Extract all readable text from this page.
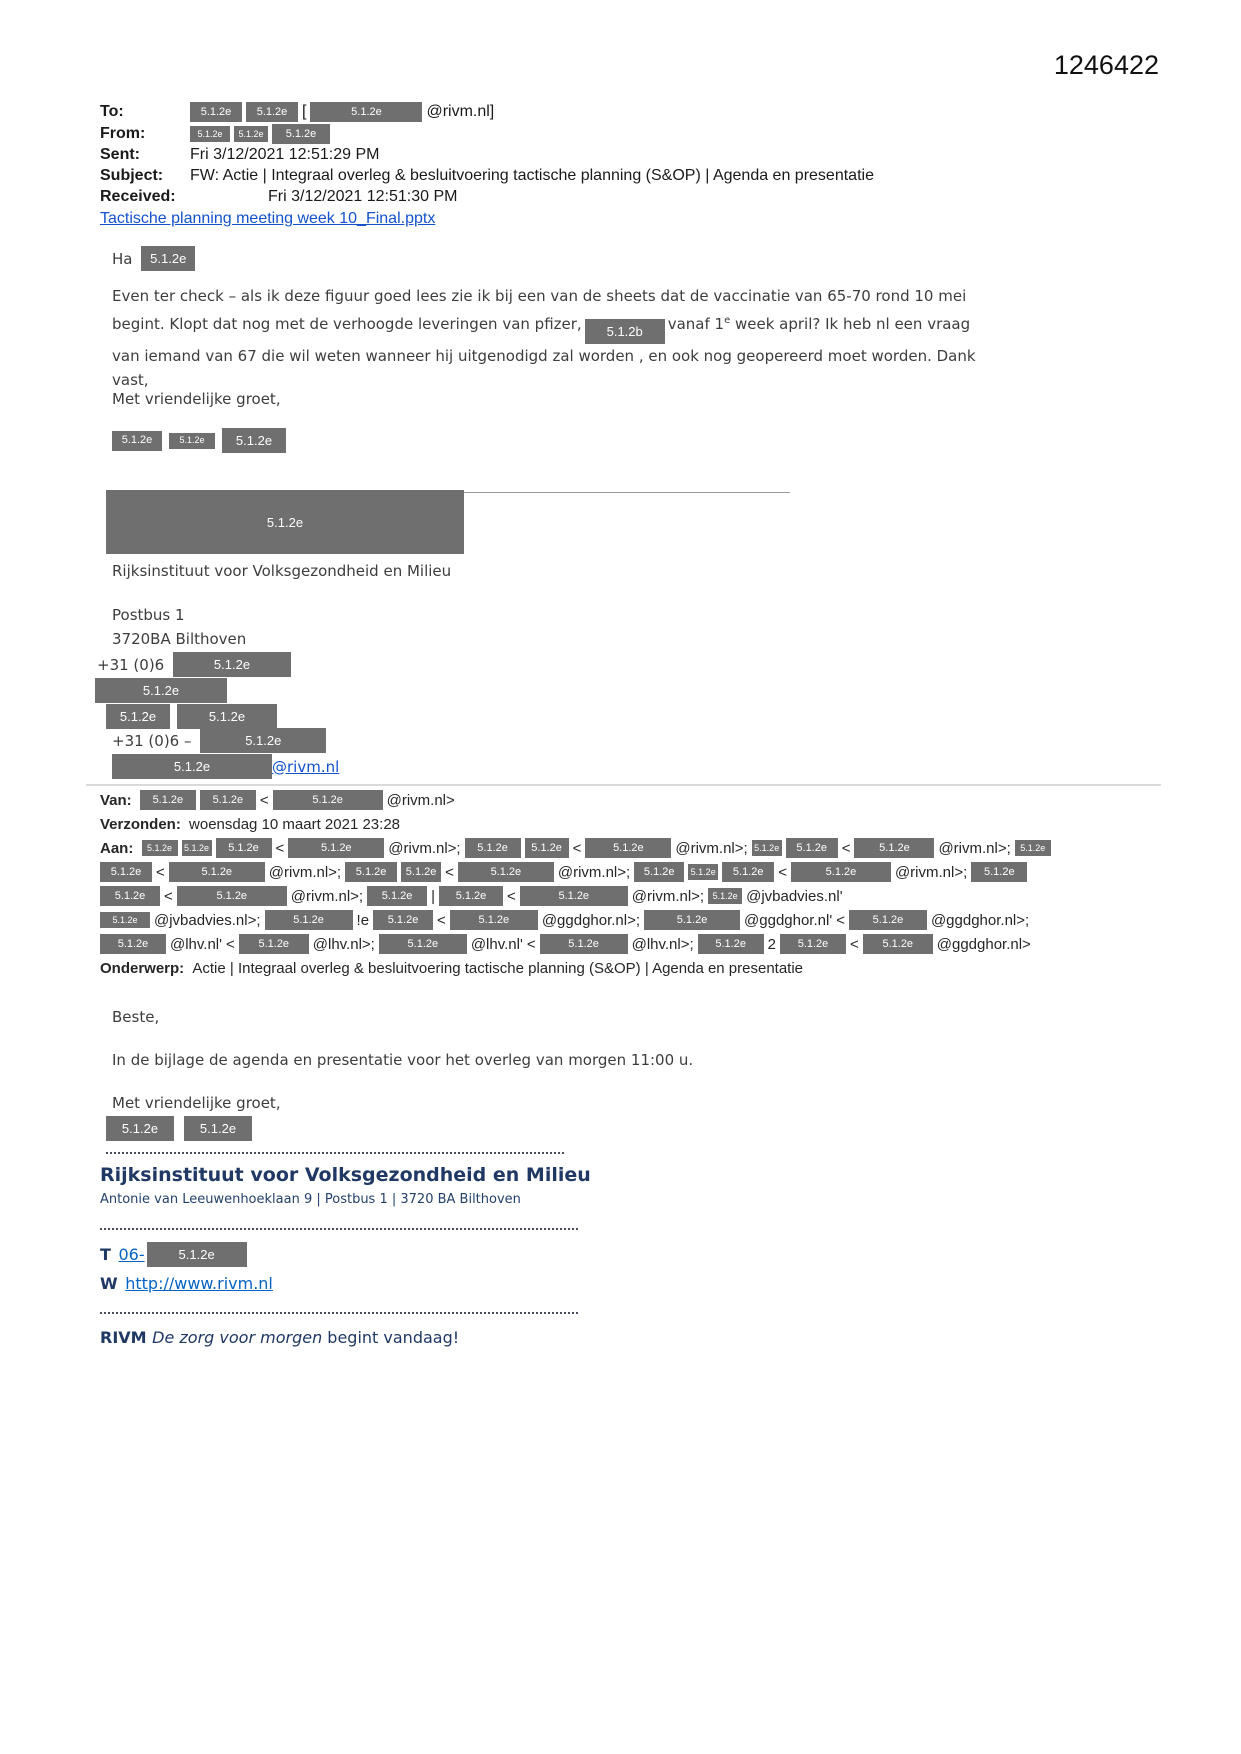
1246422
To:	5.1.2e	5.1.2e [	5.1.2e	@rivm.nl]
From:	5.1.2e	5.1.2e	5.1.2e
Sent:	Fri 3/12/2021 12:51:29 PM
Subject:	FW: Actie | Integraal overleg & besluitvoering tactische planning (S&OP) | Agenda en presentatie
Received:	Fri 3/12/2021 12:51:30 PM
Tactische planning meeting week 10_Final.pptx
Ha 5.1.2e
Even ter check – als ik deze figuur goed lees zie ik bij een van de sheets dat de vaccinatie van 65-70 rond 10 mei
begint. Klopt dat nog met de verhoogde leveringen van pfizer, 5.1.2b vanaf 1e week april? Ik heb nl een vraag
van iemand van 67 die wil weten wanneer hij uitgenodigd zal worden , en ook nog geopereerd moet worden. Dank
vast,
Met vriendelijke groet,
5.1.2e	5.1.2e	5.1.2e
5.1.2e
Rijksinstituut voor Volksgezondheid en Milieu
Postbus 1
3720BA Bilthoven
+31 (0)6	5.1.2e
5.1.2e
5.1.2e	5.1.2e
+31 (0)6 –	5.1.2e
5.1.2e	@rivm.nl
Van:	5.1.2e	5.1.2e	<	5.1.2e	@rivm.nl>
Verzonden: woensdag 10 maart 2021 23:28
Aan:	5.1.2e	5.1.2e	5.1.2e	<	5.1.2e	@rivm.nl>;	5.1.2e	5.1.2e <	5.1.2e	@rivm.nl>; 5.1.2e	5.1.2e <	5.1.2e	@rivm.nl>;	5.1.2e
5.1.2e <	5.1.2e	@rivm.nl>;	5.1.2e	5.1.2e <	5.1.2e	@rivm.nl>;	5.1.2e	5.1.2e	5.1.2e <	5.1.2e	@rivm.nl>;	5.1.2e
5.1.2e	<	5.1.2e	@rivm.nl>;	5.1.2e	|	5.1.2e	<	5.1.2e	@rivm.nl>; 5.1.2e @jvbadvies.nl'
5.1.2e	@jvbadvies.nl>;	5.1.2e	!e	5.1.2e	<	5.1.2e	@ggdghor.nl>;	5.1.2e	@ggdghor.nl' <	5.1.2e	@ggdghor.nl>;
5.1.2e	@lhv.nl' <	5.1.2e	@lhv.nl>;	5.1.2e	@lhv.nl' <	5.1.2e	@lhv.nl>;	5.1.2e	2	5.1.2e	<	5.1.2e	@ggdghor.nl>
Onderwerp: Actie | Integraal overleg & besluitvoering tactische planning (S&OP) | Agenda en presentatie
Beste,
In de bijlage de agenda en presentatie voor het overleg van morgen 11:00 u.
Met vriendelijke groet,
5.1.2e	5.1.2e
Rijksinstituut voor Volksgezondheid en Milieu
Antonie van Leeuwenhoeklaan 9 | Postbus 1 | 3720 BA Bilthoven
T 06-	5.1.2e
W http://www.rivm.nl
RIVM De zorg voor morgen begint vandaag!
